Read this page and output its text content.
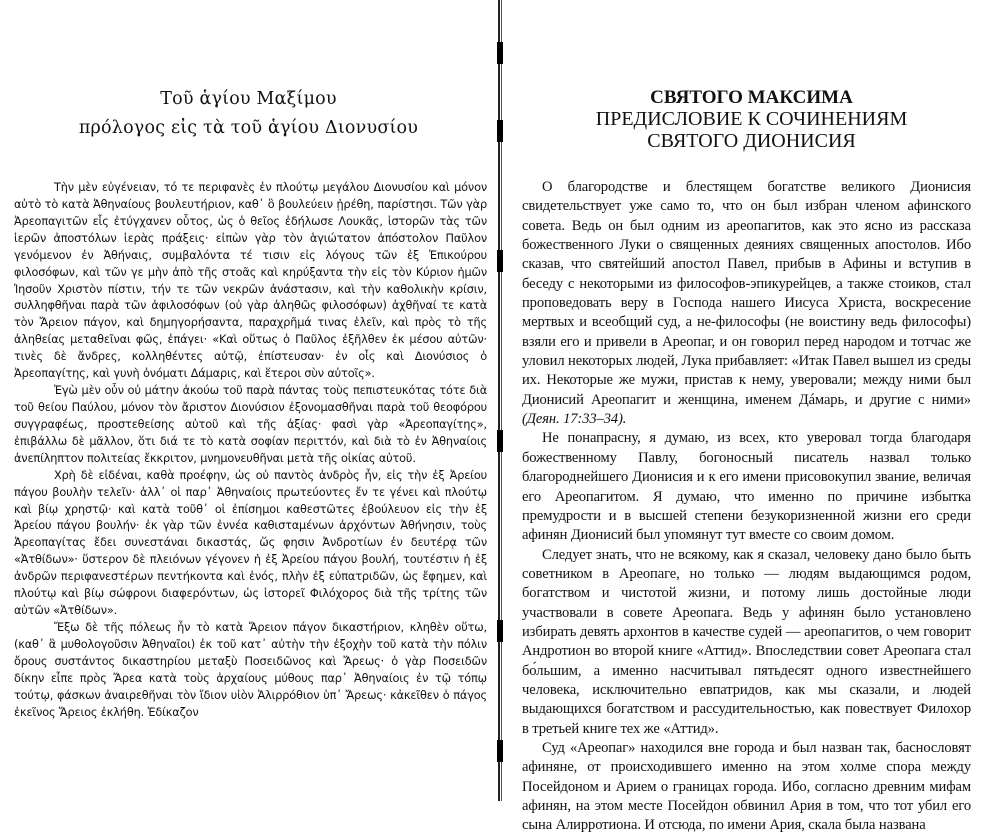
Τοῦ ἁγίου Μαξίμου
πρόλογος εἰς τὰ τοῦ ἁγίου Διονυσίου

Τὴν μὲν εὐγένειαν, τό τε περιφανὲς ἐν πλούτῳ μεγάλου Διονυσίου καὶ μόνον αὐτὸ τὸ κατὰ Ἀθηναίους βουλευτήριον, καθ᾽ ὃ βουλεύειν ᾑρέθη, παρίστησι. Τῶν γὰρ Ἀρεοπαγιτῶν εἷς ἐτύγχανεν οὗτος, ὡς ὁ θεῖος ἐδήλωσε Λουκᾶς, ἱστορῶν τὰς τῶν ἱερῶν ἀποστόλων ἱερὰς πράξεις· εἰπὼν γὰρ τὸν ἁγιώτατον ἀπόστολον Παῦλον γενόμενον ἐν Ἀθήναις, συμβαλόντα τέ τισιν εἰς λόγους τῶν ἐξ Ἐπικούρου φιλοσόφων, καὶ τῶν γε μὴν ἀπὸ τῆς στοᾶς καὶ κηρύξαντα τὴν εἰς τὸν Κύριον ἡμῶν Ἰησοῦν Χριστὸν πίστιν, τήν τε τῶν νεκρῶν ἀνάστασιν, καὶ τὴν καθολικὴν κρίσιν, συλληφθῆναι παρὰ τῶν ἀφιλοσόφων (οὐ γὰρ ἀληθῶς φιλοσόφων) ἀχθῆναί τε κατὰ τὸν Ἄρειον πάγον, καὶ δημηγορήσαντα, παραχρῆμά τινας ἑλεῖν, καὶ πρὸς τὸ τῆς ἀληθείας μεταθεῖναι φῶς, ἐπάγει· «Καὶ οὕτως ὁ Παῦλος ἐξῆλθεν ἐκ μέσου αὐτῶν· τινὲς δὲ ἄνδρες, κολληθέντες αὐτῷ, ἐπίστευσαν· ἐν οἷς καὶ Διονύσιος ὁ Ἀρεοπαγίτης, καὶ γυνὴ ὀνόματι Δάμαρις, καὶ ἕτεροι σὺν αὐτοῖς».

Ἐγὼ μὲν οὖν οὐ μάτην ἀκούω τοῦ παρὰ πάντας τοὺς πεπιστευκότας τότε διὰ τοῦ θείου Παύλου, μόνον τὸν ἄριστον Διονύσιον ἐξονομασθῆναι παρὰ τοῦ θεοφόρου συγγραφέως, προστεθείσης αὐτοῦ καὶ τῆς ἀξίας· φασὶ γὰρ «Ἀρεοπαγίτης», ἐπιβάλλω δὲ μᾶλλον, ὅτι διά τε τὸ κατὰ σοφίαν περιττόν, καὶ διὰ τὸ ἐν Ἀθηναίοις ἀνεπίληπτον πολιτείας ἔκκριτον, μνημονευθῆναι μετὰ τῆς οἰκίας αὐτοῦ.

Χρὴ δὲ εἰδέναι, καθὰ προέφην, ὡς οὐ παντὸς ἀνδρὸς ἦν, εἰς τὴν ἐξ Ἀρείου πάγου βουλὴν τελεῖν· ἀλλ᾽ οἱ παρ᾽ Ἀθηναίοις πρωτεύοντες ἔν τε γένει καὶ πλούτῳ καὶ βίῳ χρηστῷ· καὶ κατὰ τοῦθ᾽ οἱ ἐπίσημοι καθεστῶτες ἐβούλευον εἰς τὴν ἐξ Ἀρείου πάγου βουλήν· ἐκ γὰρ τῶν ἐννέα καθισταμένων ἀρχόντων Ἀθήνησιν, τοὺς Ἀρεοπαγίτας ἔδει συνεστάναι δικαστάς, ὥς φησιν Ἀνδροτίων ἐν δευτέρᾳ τῶν «Ἀτθίδων»· ὕστερον δὲ πλειόνων γέγονεν ἡ ἐξ Ἀρείου πάγου βουλή, τουτέστιν ἡ ἐξ ἀνδρῶν περιφανεστέρων πεντήκοντα καὶ ἑνός, πλὴν ἐξ εὐπατριδῶν, ὡς ἔφημεν, καὶ πλούτῳ καὶ βίῳ σώφρονι διαφερόντων, ὡς ἱστορεῖ Φιλόχορος διὰ τῆς τρίτης τῶν αὐτῶν «Ἀτθίδων».

Ἔξω δὲ τῆς πόλεως ἦν τὸ κατὰ Ἄρειον πάγον δικαστήριον, κληθὲν οὕτω, (καθ᾽ ἃ μυθολογοῦσιν Ἀθηναῖοι) ἐκ τοῦ κατ᾽ αὐτὴν τὴν ἐξοχὴν τοῦ κατὰ τὴν πόλιν ὄρους συστάντος δικαστηρίου μεταξὺ Ποσειδῶνος καὶ Ἄρεως· ὁ γὰρ Ποσειδῶν δίκην εἶπε πρὸς Ἄρεα κατὰ τοὺς ἀρχαίους μύθους παρ᾽ Ἀθηναίοις ἐν τῷ τόπῳ τούτῳ, φάσκων ἀναιρεθῆναι τὸν ἴδιον υἱὸν Ἁλιρρόθιον ὑπ᾽ Ἄρεως· κἀκεῖθεν ὁ πάγος ἐκεῖνος Ἄρειος ἐκλήθη. Ἐδίκαζον

СВЯТОГО МАКСИМА
ПРЕДИСЛОВИЕ К СОЧИНЕНИЯМ
СВЯТОГО ДИОНИСИЯ

О благородстве и блестящем богатстве великого Дионисия свидетельствует уже само то, что он был избран членом афинского совета. Ведь он был одним из ареопагитов, как это ясно из рассказа божественного Луки о священных деяниях священных апостолов. Ибо сказав, что святейший апостол Павел, прибыв в Афины и вступив в беседу с некоторыми из философов-эпикурейцев, а также стоиков, стал проповедовать веру в Господа нашего Иисуса Христа, воскресение мертвых и всеобщий суд, а не-философы (не воистину ведь философы) взяли его и привели в Ареопаг, и он говорил перед народом и тотчас же уловил некоторых людей, Лука прибавляет: «Итак Павел вышел из среды их. Некоторые же мужи, пристав к нему, уверовали; между ними был Дионисий Ареопагит и женщина, именем Дáмарь, и другие с ними» (Деян. 17:33–34).

Не понапрасну, я думаю, из всех, кто уверовал тогда благодаря божественному Павлу, богоносный писатель назвал только благороднейшего Дионисия и к его имени присовокупил звание, величая его Ареопагитом. Я думаю, что именно по причине избытка премудрости и в высшей степени безукоризненной жизни его среди афинян Дионисий был упомянут тут вместе со своим домом.

Следует знать, что не всякому, как я сказал, человеку дано было быть советником в Ареопаге, но только — людям выдающимся родом, богатством и чистотой жизни, и потому лишь достойные люди участвовали в совете Ареопага. Ведь у афинян было установлено избирать девять архонтов в качестве судей — ареопагитов, о чем говорит Андротион во второй книге «Аттид». Впоследствии совет Ареопага стал бо́льшим, а именно насчитывал пятьдесят одного известнейшего человека, исключительно евпатридов, как мы сказали, и людей выдающихся богатством и рассудительностью, как повествует Филохор в третьей книге тех же «Аттид».

Суд «Ареопаг» находился вне города и был назван так, баснословят афиняне, от происходившего именно на этом холме спора между Посейдоном и Арием о границах города. Ибо, согласно древним мифам афинян, на этом месте Посейдон обвинил Ария в том, что тот убил его сына Алирротиона. И отсюда, по имени Ария, скала была названа
